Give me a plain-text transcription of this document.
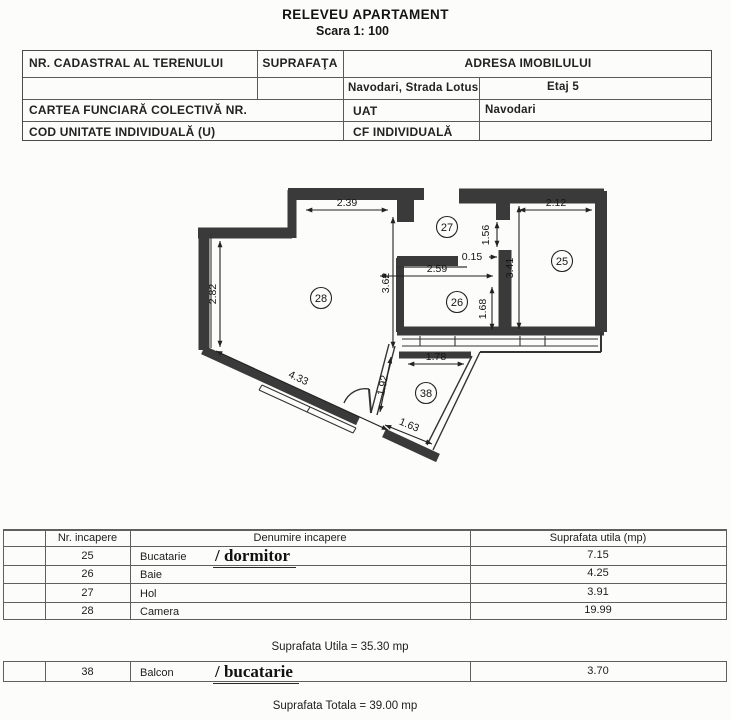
RELEVEU APARTAMENT
Scara 1: 100
NR. CADASTRAL AL TERENULUI	SUPRAFAŢA	ADRESA IMOBILULUI
Navodari, Strada Lotus	Etaj 5
CARTEA FUNCIARĂ COLECTIVĂ NR.	UAT	Navodari
COD UNITATE INDIVIDUALĂ (U)	CF INDIVIDUALĂ
2.39
3.62
2.82
4.33
2.12
1.56
0.15
2.59	3.41
1.68
1.78
1.92
1.63
28
27
26
25
38
Nr. incapere	Denumire incapere	Suprafata utila (mp)
25	Bucatarie / dormitor	7.15
26	Baie	4.25
27	Hol	3.91
28	Camera	19.99
Suprafata Utila = 35.30 mp
38	Balcon / bucatarie	3.70
Suprafata Totala = 39.00 mp
